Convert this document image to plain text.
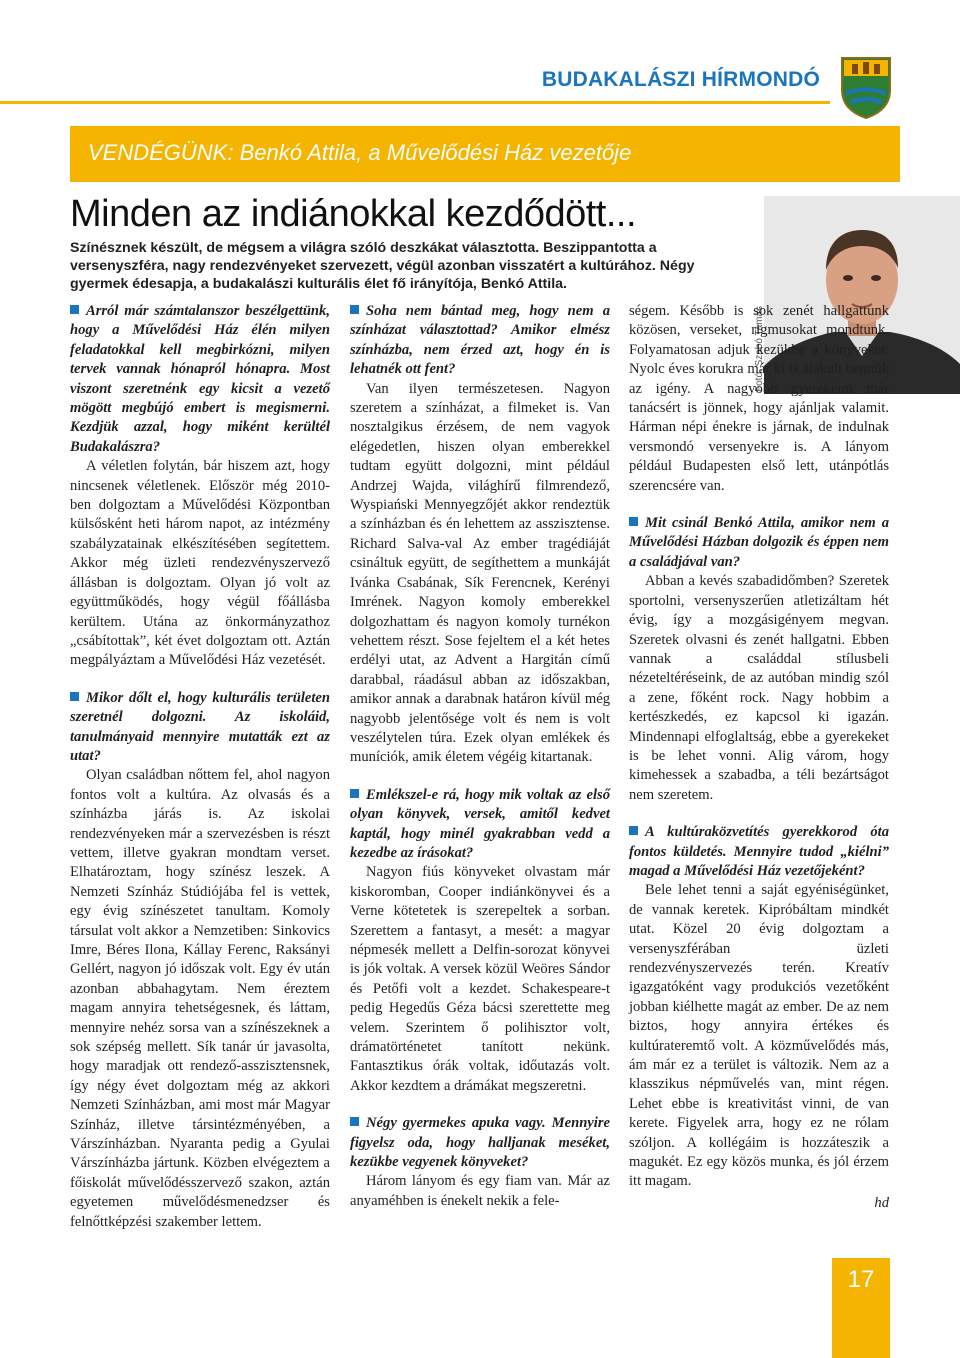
BUDAKALÁSZI HÍRMONDÓ
VENDÉGÜNK: Benkó Attila, a Művelődési Ház vezetője
Minden az indiánokkal kezdődött...
Színésznek készült, de mégsem a világra szóló deszkákat választotta. Beszippantotta a versenyszféra, nagy rendezvényeket szervezett, végül azonban visszatért a kultúrához. Négy gyermek édesapja, a budakalászi kulturális élet fő irányítója, Benkó Attila.
Fotó: Szabó Tamás

Arról már számtalanszor beszélgettünk, hogy a Művelődési Ház élén milyen feladatokkal kell megbirkózni, milyen tervek vannak hónapról hónapra. Most viszont szeretnénk egy kicsit a vezető mögött megbújó embert is megismerni. Kezdjük azzal, hogy miként kerültél Budakalászra?

A véletlen folytán, bár hiszem azt, hogy nincsenek véletlenek. Először még 2010-ben dolgoztam a Művelődési Központban külsősként heti három napot, az intézmény szabályzatainak elkészítésében segítettem. Akkor még üzleti rendezvényszervező állásban is dolgoztam. Olyan jó volt az együttműködés, hogy végül főállásba kerültem. Utána az önkormányzathoz „csábítottak”, két évet dolgoztam ott. Aztán megpályáztam a Művelődési Ház vezetését.

Mikor dőlt el, hogy kulturális területen szeretnél dolgozni. Az iskoláid, tanulmányaid mennyire mutatták ezt az utat?

Olyan családban nőttem fel, ahol nagyon fontos volt a kultúra. Az olvasás és a színházba járás is. Az iskolai rendezvényeken már a szervezésben is részt vettem, illetve gyakran mondtam verset. Elhatároztam, hogy színész leszek. A Nemzeti Színház Stúdiójába fel is vettek, egy évig színészetet tanultam. Komoly társulat volt akkor a Nemzetiben: Sinkovics Imre, Béres Ilona, Kállay Ferenc, Raksányi Gellért, nagyon jó időszak volt. Egy év után azonban abbahagytam. Nem éreztem magam annyira tehetségesnek, és láttam, mennyire nehéz sorsa van a színészeknek a sok szépség mellett. Sík tanár úr javasolta, hogy maradjak ott rendező-asszisztensnek, így négy évet dolgoztam még az akkori Nemzeti Színházban, ami most már Magyar Színház, illetve társintézményében, a Várszínházban. Nyaranta pedig a Gyulai Várszínházba jártunk. Közben elvégeztem a főiskolát művelődésszervező szakon, aztán egyetemen művelődésmenedzser és felnőttképzési szakember lettem.

Soha nem bántad meg, hogy nem a színházat választottad? Amikor elmész színházba, nem érzed azt, hogy én is lehatnék ott fent?

Van ilyen természetesen. Nagyon szeretem a színházat, a filmeket is. Van nosztalgikus érzésem, de nem vagyok elégedetlen, hiszen olyan emberekkel tudtam együtt dolgozni, mint például Andrzej Wajda, világhírű filmrendező, Wyspiański Mennyegzőjét akkor rendeztük a színházban és én lehettem az asszisztense. Richard Salva-val Az ember tragédiáját csináltuk együtt, de segíthettem a munkáját Ivánka Csabának, Sík Ferencnek, Kerényi Imrének. Nagyon komoly emberekkel dolgozhattam és nagyon komoly turnékon vehettem részt. Sose fejeltem el a két hetes erdélyi utat, az Advent a Hargitán című darabbal, ráadásul abban az időszakban, amikor annak a darabnak határon kívül még nagyobb jelentősége volt és nem is volt veszélytelen túra. Ezek olyan emlékek és muníciók, amik életem végéig kitartanak.

Emlékszel-e rá, hogy mik voltak az első olyan könyvek, versek, amitől kedvet kaptál, hogy minél gyakrabban vedd a kezedbe az írásokat?

Nagyon fiús könyveket olvastam már kiskoromban, Cooper indiánkönyvei és a Verne kötetetek is szerepeltek a sorban. Szerettem a fantasyt, a mesét: a magyar népmesék mellett a Delfin-sorozat könyvei is jók voltak. A versek közül Weöres Sándor és Petőfi volt a kezdet. Schakespeare-t pedig Hegedűs Géza bácsi szerettette meg velem. Szerintem ő polihisztor volt, drámatörténetet tanított nekünk. Fantasztikus órák voltak, időutazás volt. Akkor kezdtem a drámákat megszeretni.

Négy gyermekes apuka vagy. Mennyire figyelsz oda, hogy halljanak meséket, kezükbe vegyenek könyveket?

Három lányom és egy fiam van. Már az anyaméhben is énekelt nekik a fele-

ségem. Később is sok zenét hallgattunk közösen, verseket, rigmusokat mondtunk. Folyamatosan adjuk kezükbe a könyveket. Nyolc éves korukra már ki is alakult bennük az igény. A nagyobb gyerekeim már tanácsért is jönnek, hogy ajánljak valamit. Hárman népi énekre is járnak, de indulnak versmondó versenyekre is. A lányom például Budapesten első lett, utánpótlás szerencsére van.

Mit csinál Benkó Attila, amikor nem a Művelődési Házban dolgozik és éppen nem a családjával van?

Abban a kevés szabadidőmben? Szeretek sportolni, versenyszerűen atletizáltam hét évig, így a mozgásigényem megvan. Szeretek olvasni és zenét hallgatni. Ebben vannak a családdal stílusbeli nézeteltéréseink, de az autóban mindig szól a zene, főként rock. Nagy hobbim a kertészkedés, ez kapcsol ki igazán. Mindennapi elfoglaltság, ebbe a gyerekeket is be lehet vonni. Alig várom, hogy kimehessek a szabadba, a téli bezártságot nem szeretem.

A kultúraközvetítés gyerekkorod óta fontos küldetés. Mennyire tudod „kiélni” magad a Művelődési Ház vezetőjeként?

Bele lehet tenni a saját egyéniségünket, de vannak keretek. Kipróbáltam mindkét utat. Közel 20 évig dolgoztam a versenyszférában üzleti rendezvényszervezés terén. Kreatív igazgatóként vagy produkciós vezetőként jobban kiélhette magát az ember. De az nem biztos, hogy annyira értékes és kultúrateremtő volt. A közművelődés más, ám már ez a terület is változik. Nem az a klasszikus népművelés van, mint régen. Lehet ebbe is kreativitást vinni, de van kerete. Figyelek arra, hogy ez ne rólam szóljon. A kollégáim is hozzáteszik a magukét. Ez egy közös munka, és jól érzem itt magam.

hd

17
